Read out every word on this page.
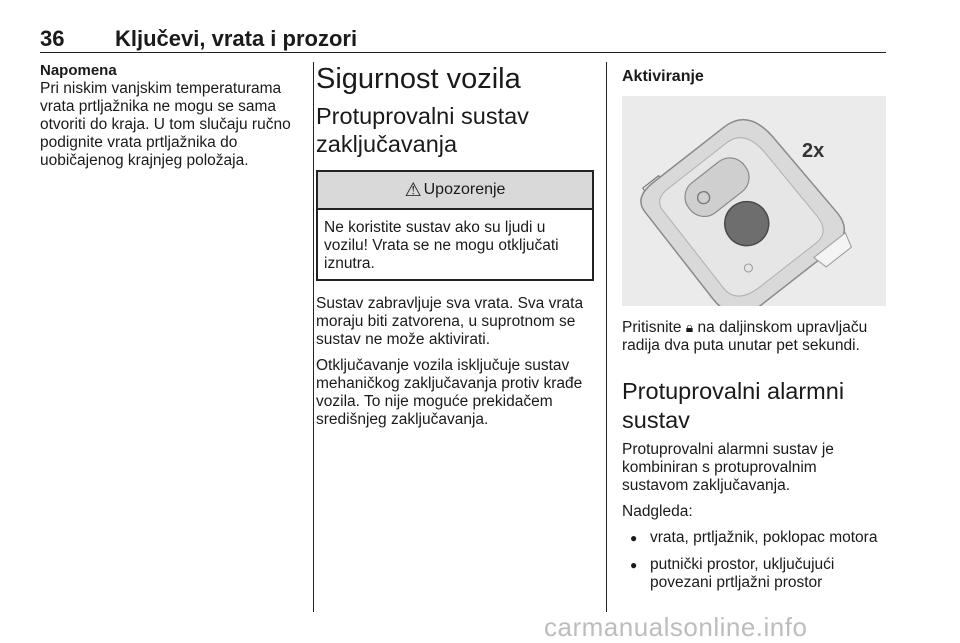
36 Ključevi, vrata i prozori
Napomena

Pri niskim vanjskim temperaturama vrata prtljažnika ne mogu se sama otvoriti do kraja. U tom slučaju ručno podignite vrata prtljažnika do uobičajenog krajnjeg položaja.

Sigurnost vozila
Protuprovalni sustav zaključavanja
⚠ Upozorenje
Ne koristite sustav ako su ljudi u vozilu! Vrata se ne mogu otključati iznutra.

Sustav zabravljuje sva vrata. Sva vrata moraju biti zatvorena, u suprotnom se sustav ne može aktivirati.

Otključavanje vozila isključuje sustav mehaničkog zaključavanja protiv krađe vozila. To nije moguće prekidačem središnjeg zaključavanja.

Aktiviranje
2x

Pritisnite 🔒︎ na daljinskom upravljaču radija dva puta unutar pet sekundi.

Protuprovalni alarmni sustav

Protuprovalni alarmni sustav je kombiniran s protuprovalnim sustavom zaključavanja.

Nadgleda:

● vrata, prtljažnik, poklopac motora
● putnički prostor, uključujući povezani prtljažni prostor
carmanualsonline.info
